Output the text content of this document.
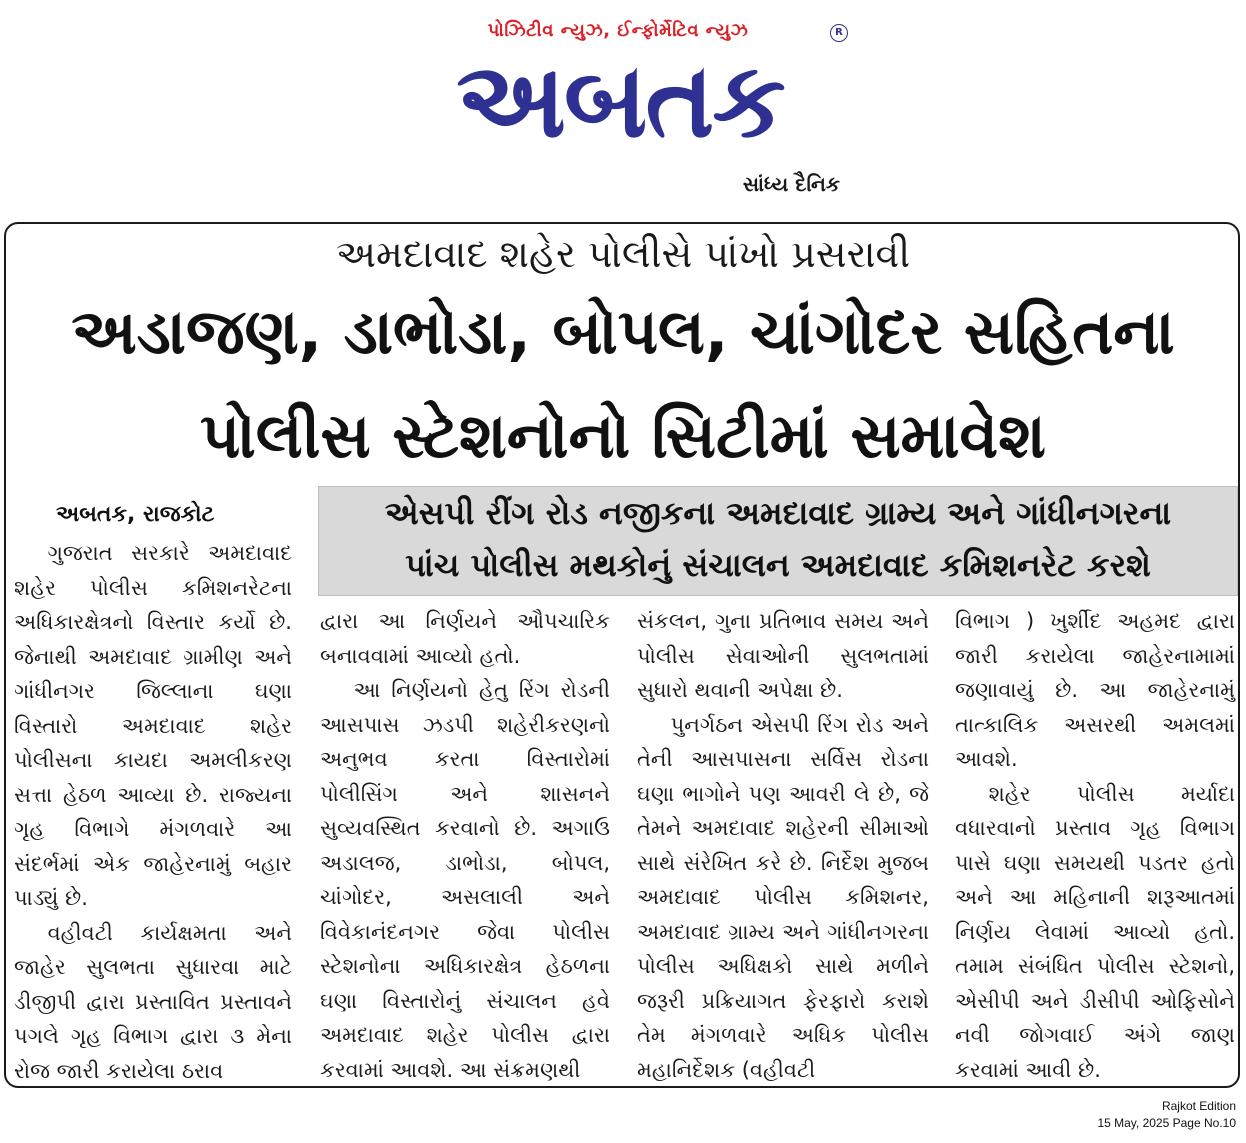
પોઝિટીવ ન્યુઝ, ઈન્ફોર્મેટિવ ન્યુઝ
અબતક
R
સાંધ્ય દૈનિક
અમદાવાદ શહેર પોલીસે પાંખો પ્રસરાવી
અડાજણ, ડાભોડા, બોપલ, ચાંગોદર સહિતના
પોલીસ સ્ટેશનોનો સિટીમાં સમાવેશ
એસપી રીંગ રોડ નજીકના અમદાવાદ ગ્રામ્ય અને ગાંધીનગરના
પાંચ પોલીસ મથકોનું સંચાલન અમદાવાદ કમિશનરેટ કરશે
અબતક, રાજકોટ

ગુજરાત સરકારે અમદાવાદ શહેર પોલીસ કમિશનરેટના અધિકારક્ષેત્રનો વિસ્તાર કર્યો છે. જેનાથી અમદાવાદ ગ્રામીણ અને ગાંધીનગર જિલ્લાના ઘણા વિસ્તારો અમદાવાદ શહેર પોલીસના કાયદા અમલીકરણ સત્તા હેઠળ આવ્યા છે. રાજ્યના ગૃહ વિભાગે મંગળવારે આ સંદર્ભમાં એક જાહેરનામું બહાર પાડ્યું છે.

વહીવટી કાર્યક્ષમતા અને જાહેર સુલભતા સુધારવા માટે ડીજીપી દ્વારા પ્રસ્તાવિત પ્રસ્તાવને પગલે ગૃહ વિભાગ દ્વારા ૩ મેના રોજ જારી કરાયેલા ઠરાવ

દ્વારા આ નિર્ણયને ઔપચારિક બનાવવામાં આવ્યો હતો.

આ નિર્ણયનો હેતુ રિંગ રોડની આસપાસ ઝડપી શહેરીકરણનો અનુભવ કરતા વિસ્તારોમાં પોલીસિંગ અને શાસનને સુવ્યવસ્થિત કરવાનો છે. અગાઉ અડાલજ, ડાભોડા, બોપલ, ચાંગોદર, અસલાલી અને વિવેકાનંદનગર જેવા પોલીસ સ્ટેશનોના અધિકારક્ષેત્ર હેઠળના ઘણા વિસ્તારોનું સંચાલન હવે અમદાવાદ શહેર પોલીસ દ્વારા કરવામાં આવશે. આ સંક્રમણથી

સંકલન, ગુના પ્રતિભાવ સમય અને પોલીસ સેવાઓની સુલભતામાં સુધારો થવાની અપેક્ષા છે.

પુનર્ગઠન એસપી રિંગ રોડ અને તેની આસપાસના સર્વિસ રોડના ઘણા ભાગોને પણ આવરી લે છે, જે તેમને અમદાવાદ શહેરની સીમાઓ સાથે સંરેખિત કરે છે. નિર્દેશ મુજબ અમદાવાદ પોલીસ કમિશનર, અમદાવાદ ગ્રામ્ય અને ગાંધીનગરના પોલીસ અધિક્ષકો સાથે મળીને જરૂરી પ્રક્રિયાગત ફેરફારો કરાશે તેમ મંગળવારે અધિક પોલીસ મહાનિર્દેશક (વહીવટી

વિભાગ ) ખુર્શીદ અહમદ દ્વારા જારી કરાયેલા જાહેરનામામાં જણાવાયું છે. આ જાહેરનામું તાત્કાલિક અસરથી અમલમાં આવશે.

શહેર પોલીસ મર્યાદા વધારવાનો પ્રસ્તાવ ગૃહ વિભાગ પાસે ઘણા સમયથી પડતર હતો અને આ મહિનાની શરૂઆતમાં નિર્ણય લેવામાં આવ્યો હતો. તમામ સંબંધિત પોલીસ સ્ટેશનો, એસીપી અને ડીસીપી ઓફિસોને નવી જોગવાઈ અંગે જાણ કરવામાં આવી છે.

Rajkot Edition
15 May, 2025 Page No.10
